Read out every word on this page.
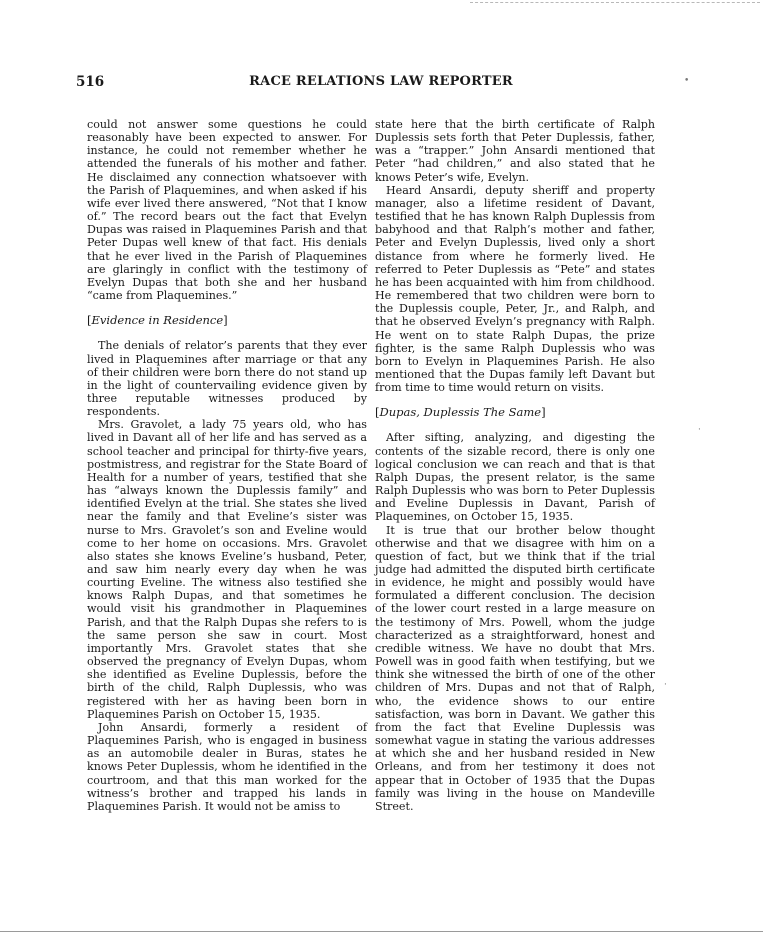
516	RACE RELATIONS LAW REPORTER

could not answer some questions he could reasonably have been expected to answer. For instance, he could not remember whether he attended the funerals of his mother and father. He disclaimed any connection whatsoever with the Parish of Plaquemines, and when asked if his wife ever lived there answered, “Not that I know of.” The record bears out the fact that Evelyn Dupas was raised in Plaquemines Parish and that Peter Dupas well knew of that fact. His denials that he ever lived in the Parish of Plaquemines are glaringly in conflict with the testimony of Evelyn Dupas that both she and her husband “came from Plaquemines.”

[Evidence in Residence]

The denials of relator’s parents that they ever lived in Plaquemines after marriage or that any of their children were born there do not stand up in the light of countervailing evidence given by three reputable witnesses produced by respondents.

Mrs. Gravolet, a lady 75 years old, who has lived in Davant all of her life and has served as a school teacher and principal for thirty-five years, postmistress, and registrar for the State Board of Health for a number of years, testified that she has “always known the Duplessis family” and identified Evelyn at the trial. She states she lived near the family and that Eveline’s sister was nurse to Mrs. Gravolet’s son and Eveline would come to her home on occasions. Mrs. Gravolet also states she knows Eveline’s husband, Peter, and saw him nearly every day when he was courting Eveline. The witness also testified she knows Ralph Dupas, and that sometimes he would visit his grandmother in Plaquemines Parish, and that the Ralph Dupas she refers to is the same person she saw in court. Most importantly Mrs. Gravolet states that she observed the pregnancy of Evelyn Dupas, whom she identified as Eveline Duplessis, before the birth of the child, Ralph Duplessis, who was registered with her as having been born in Plaquemines Parish on October 15, 1935.

John Ansardi, formerly a resident of Plaquemines Parish, who is engaged in business as an automobile dealer in Buras, states he knows Peter Duplessis, whom he identified in the courtroom, and that this man worked for the witness’s brother and trapped his lands in Plaquemines Parish. It would not be amiss to

state here that the birth certificate of Ralph Duplessis sets forth that Peter Duplessis, father, was a “trapper.” John Ansardi mentioned that Peter “had children,” and also stated that he knows Peter’s wife, Evelyn.

Heard Ansardi, deputy sheriff and property manager, also a lifetime resident of Davant, testified that he has known Ralph Duplessis from babyhood and that Ralph’s mother and father, Peter and Evelyn Duplessis, lived only a short distance from where he formerly lived. He referred to Peter Duplessis as “Pete” and states he has been acquainted with him from childhood. He remembered that two children were born to the Duplessis couple, Peter, Jr., and Ralph, and that he observed Evelyn’s pregnancy with Ralph. He went on to state Ralph Dupas, the prize fighter, is the same Ralph Duplessis who was born to Evelyn in Plaquemines Parish. He also mentioned that the Dupas family left Davant but from time to time would return on visits.

[Dupas, Duplessis The Same]

After sifting, analyzing, and digesting the contents of the sizable record, there is only one logical conclusion we can reach and that is that Ralph Dupas, the present relator, is the same Ralph Duplessis who was born to Peter Duplessis and Eveline Duplessis in Davant, Parish of Plaquemines, on October 15, 1935.

It is true that our brother below thought otherwise and that we disagree with him on a question of fact, but we think that if the trial judge had admitted the disputed birth certificate in evidence, he might and possibly would have formulated a different conclusion. The decision of the lower court rested in a large measure on the testimony of Mrs. Powell, whom the judge characterized as a straightforward, honest and credible witness. We have no doubt that Mrs. Powell was in good faith when testifying, but we think she witnessed the birth of one of the other children of Mrs. Dupas and not that of Ralph, who, the evidence shows to our entire satisfaction, was born in Davant. We gather this from the fact that Eveline Duplessis was somewhat vague in stating the various addresses at which she and her husband resided in New Orleans, and from her testimony it does not appear that in October of 1935 that the Dupas family was living in the house on Mandeville Street.

•
·
·
